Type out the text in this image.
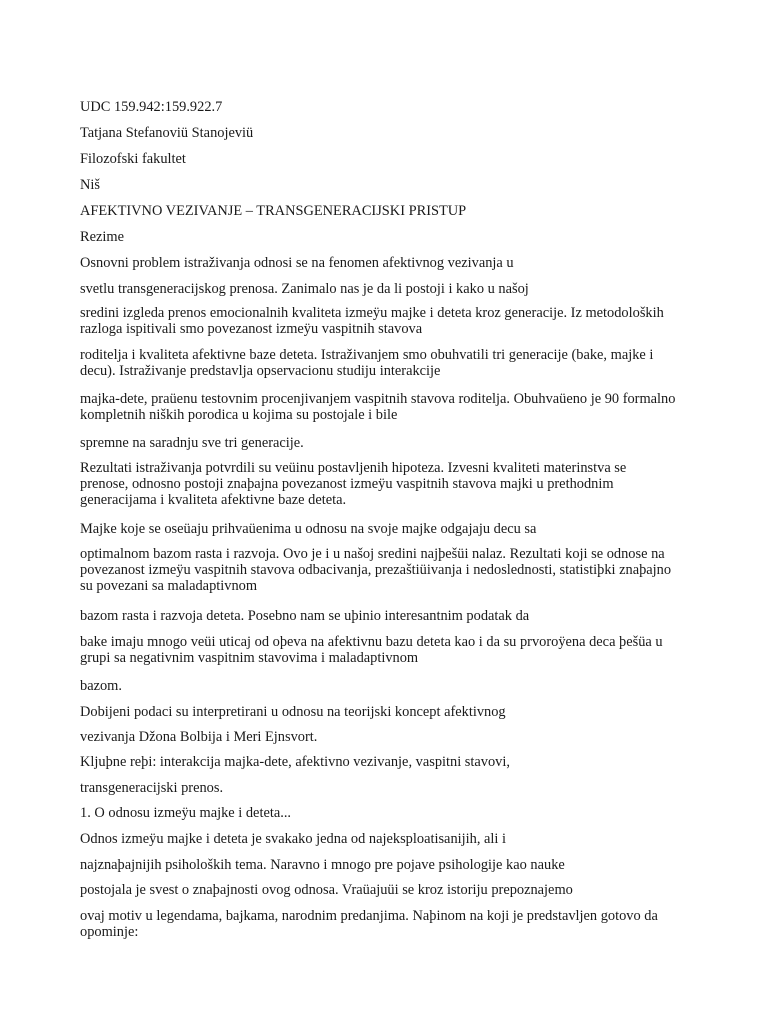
UDC 159.942:159.922.7

Tatjana Stefanoviü Stanojeviü

Filozofski fakultet

Niš

AFEKTIVNO VEZIVANJE – TRANSGENERACIJSKI PRISTUP

Rezime

Osnovni problem istraživanja odnosi se na fenomen afektivnog vezivanja u

svetlu transgeneracijskog prenosa. Zanimalo nas je da li postoji i kako u našoj

sredini izgleda prenos emocionalnih kvaliteta izmeÿu majke i deteta kroz generacije. Iz metodoloških
razloga ispitivali smo povezanost izmeÿu vaspitnih stavova

roditelja i kvaliteta afektivne baze deteta. Istraživanjem smo obuhvatili tri generacije (bake, majke i
decu). Istraživanje predstavlja opservacionu studiju interakcije

majka-dete, praüenu testovnim procenjivanjem vaspitnih stavova roditelja. Obuhvaüeno je 90 formalno
kompletnih niških porodica u kojima su postojale i bile

spremne na saradnju sve tri generacije.

Rezultati istraživanja potvrdili su veüinu postavljenih hipoteza. Izvesni kvaliteti materinstva se
prenose, odnosno postoji znaþajna povezanost izmeÿu vaspitnih stavova majki u prethodnim
generacijama i kvaliteta afektivne baze deteta.

Majke koje se oseüaju prihvaüenima u odnosu na svoje majke odgajaju decu sa

optimalnom bazom rasta i razvoja. Ovo je i u našoj sredini najþešüi nalaz. Rezultati koji se odnose na
povezanost izmeÿu vaspitnih stavova odbacivanja, prezaštiüivanja i nedoslednosti, statistiþki znaþajno
su povezani sa maladaptivnom

bazom rasta i razvoja deteta. Posebno nam se uþinio interesantnim podatak da

bake imaju mnogo veüi uticaj od oþeva na afektivnu bazu deteta kao i da su prvoroÿena deca þešüa u
grupi sa negativnim vaspitnim stavovima i maladaptivnom

bazom.

Dobijeni podaci su interpretirani u odnosu na teorijski koncept afektivnog

vezivanja Džona Bolbija i Meri Ejnsvort.

Kljuþne reþi: interakcija majka-dete, afektivno vezivanje, vaspitni stavovi,

transgeneracijski prenos.

1. O odnosu izmeÿu majke i deteta...

Odnos izmeÿu majke i deteta je svakako jedna od najeksploatisanijih, ali i

najznaþajnijih psiholoških tema. Naravno i mnogo pre pojave psihologije kao nauke

postojala je svest o znaþajnosti ovog odnosa. Vraüajuüi se kroz istoriju prepoznajemo

ovaj motiv u legendama, bajkama, narodnim predanjima. Naþinom na koji je predstavljen gotovo da
opominje:
